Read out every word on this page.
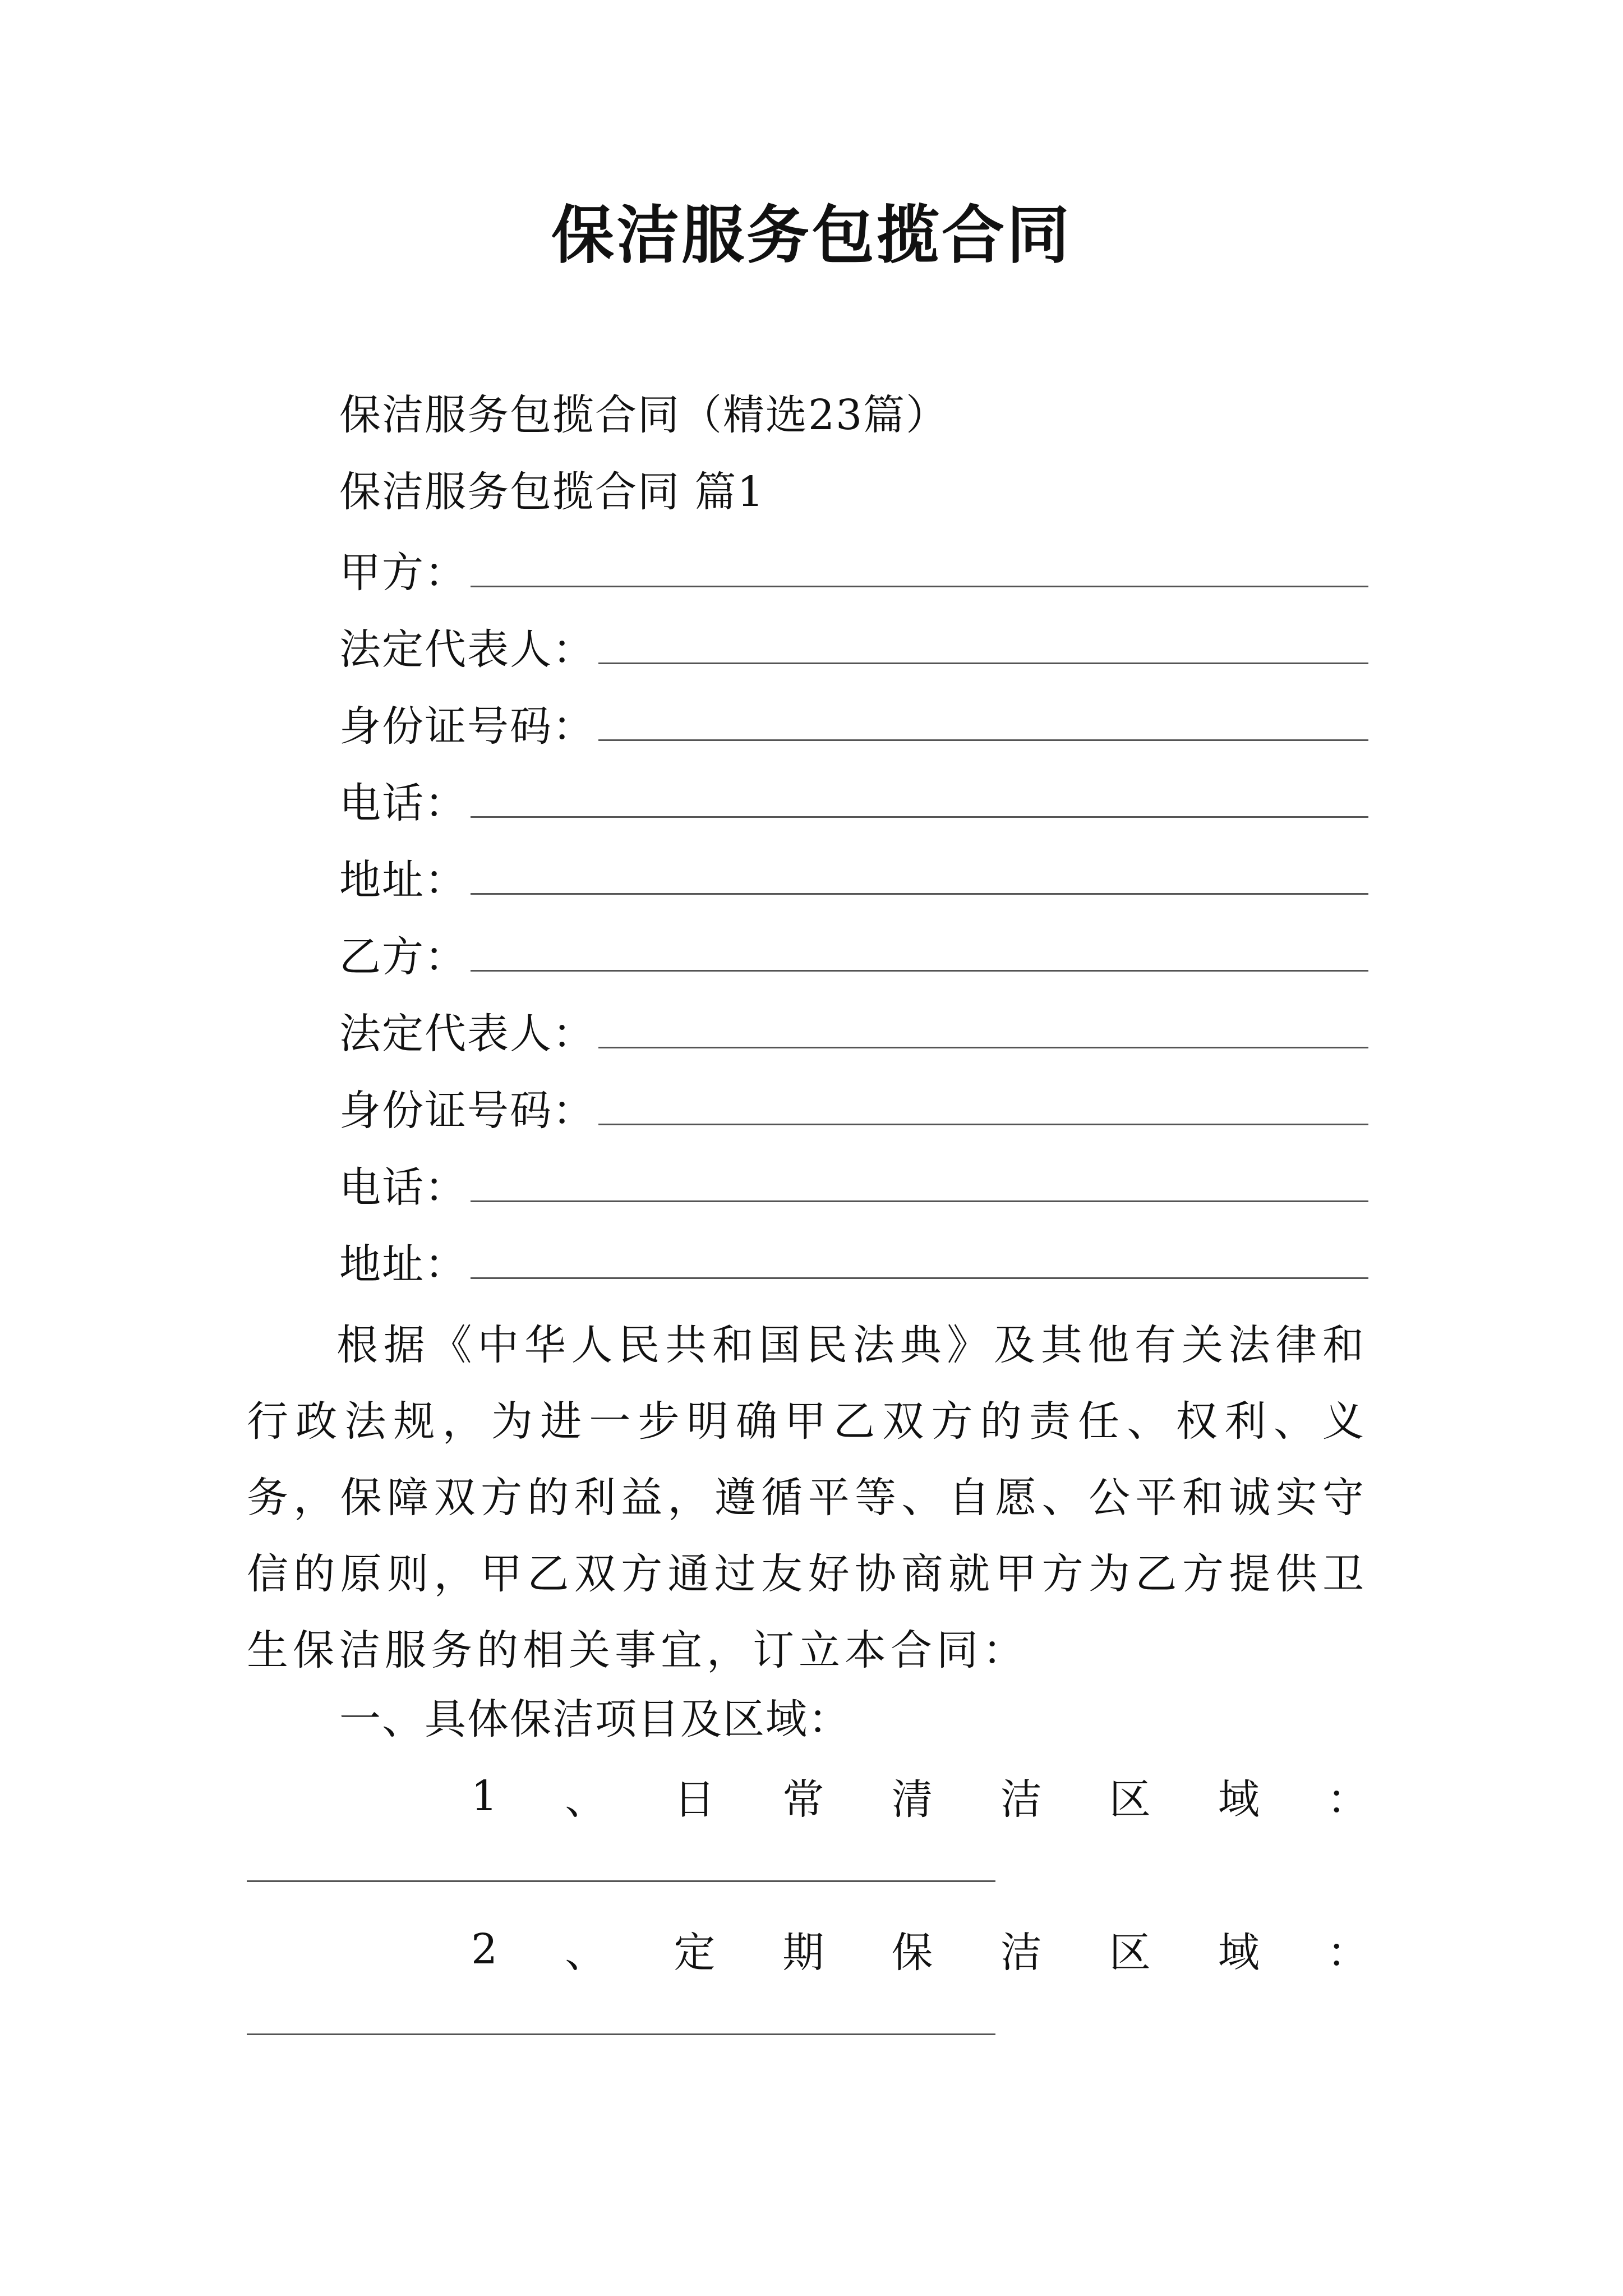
保洁服务包揽合同
保洁服务包揽合同（精选23篇）
保洁服务包揽合同 篇1
甲方：
法定代表人：
身份证号码：
电话：
地址：
乙方：
法定代表人：
身份证号码：
电话：
地址：

根据《中华人民共和国民法典》及其他有关法律和行政法规，为进一步明确甲乙双方的责任、权利、义务，保障双方的利益，遵循平等、自愿、公平和诚实守信的原则，甲乙双方通过友好协商就甲方为乙方提供卫生保洁服务的相关事宜，订立本合同：

一、具体保洁项目及区域：
1 、 日 常 清 洁 区 域 ：
2 、 定 期 保 洁 区 域 ：
